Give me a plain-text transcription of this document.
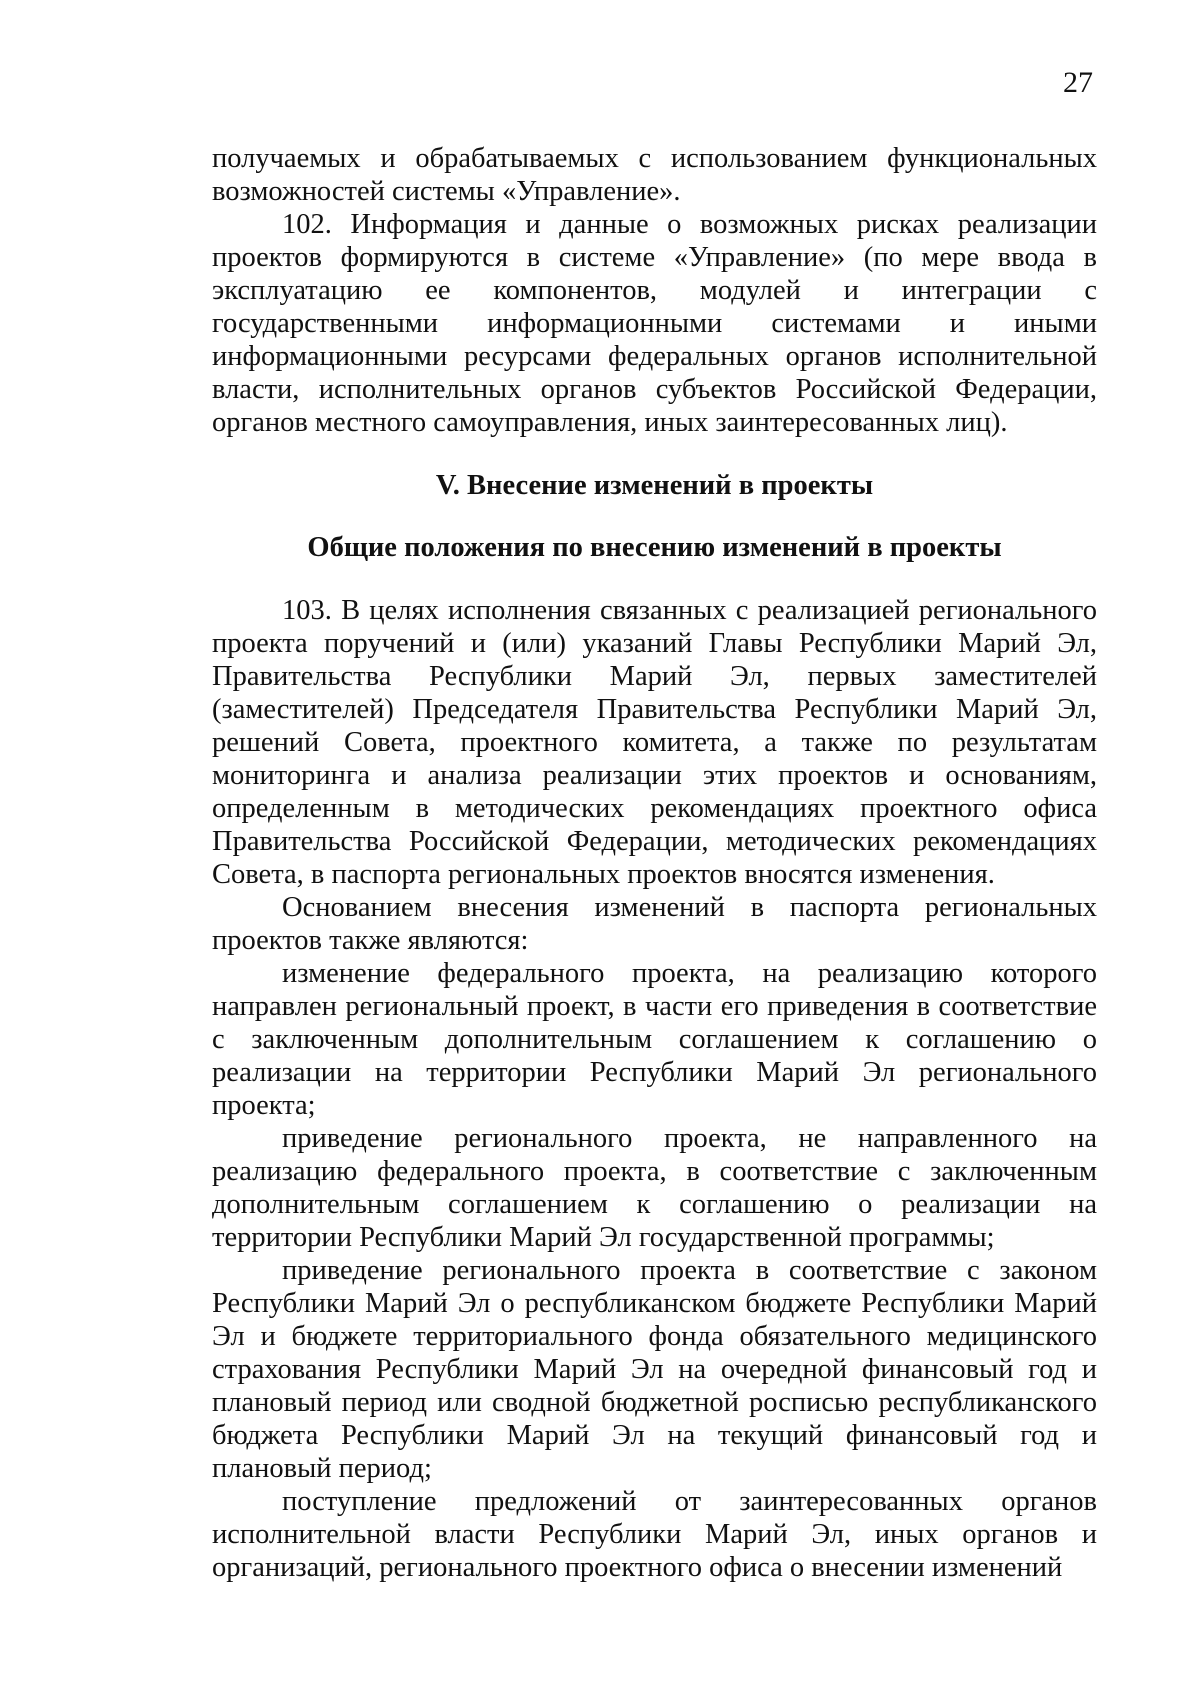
27

получаемых и обрабатываемых с использованием функциональных возможностей системы «Управление».

102. Информация и данные о возможных рисках реализации проектов формируются в системе «Управление» (по мере ввода в эксплуатацию ее компонентов, модулей и интеграции с государственными информационными системами и иными информационными ресурсами федеральных органов исполнительной власти, исполнительных органов субъектов Российской Федерации, органов местного самоуправления, иных заинтересованных лиц).

V. Внесение изменений в проекты
Общие положения по внесению изменений в проекты

103. В целях исполнения связанных с реализацией регионального проекта поручений и (или) указаний Главы Республики Марий Эл, Правительства Республики Марий Эл, первых заместителей (заместителей) Председателя Правительства Республики Марий Эл, решений Совета, проектного комитета, а также по результатам мониторинга и анализа реализации этих проектов и основаниям, определенным в методических рекомендациях проектного офиса Правительства Российской Федерации, методических рекомендациях Совета, в паспорта региональных проектов вносятся изменения.

Основанием внесения изменений в паспорта региональных проектов также являются:

изменение федерального проекта, на реализацию которого направлен региональный проект, в части его приведения в соответствие с заключенным дополнительным соглашением к соглашению о реализации на территории Республики Марий Эл регионального проекта;

приведение регионального проекта, не направленного на реализацию федерального проекта, в соответствие с заключенным дополнительным соглашением к соглашению о реализации на территории Республики Марий Эл государственной программы;

приведение регионального проекта в соответствие с законом Республики Марий Эл о республиканском бюджете Республики Марий Эл и бюджете территориального фонда обязательного медицинского страхования Республики Марий Эл на очередной финансовый год и плановый период или сводной бюджетной росписью республиканского бюджета Республики Марий Эл на текущий финансовый год и плановый период;

поступление предложений от заинтересованных органов исполнительной власти Республики Марий Эл, иных органов и организаций, регионального проектного офиса о внесении изменений
